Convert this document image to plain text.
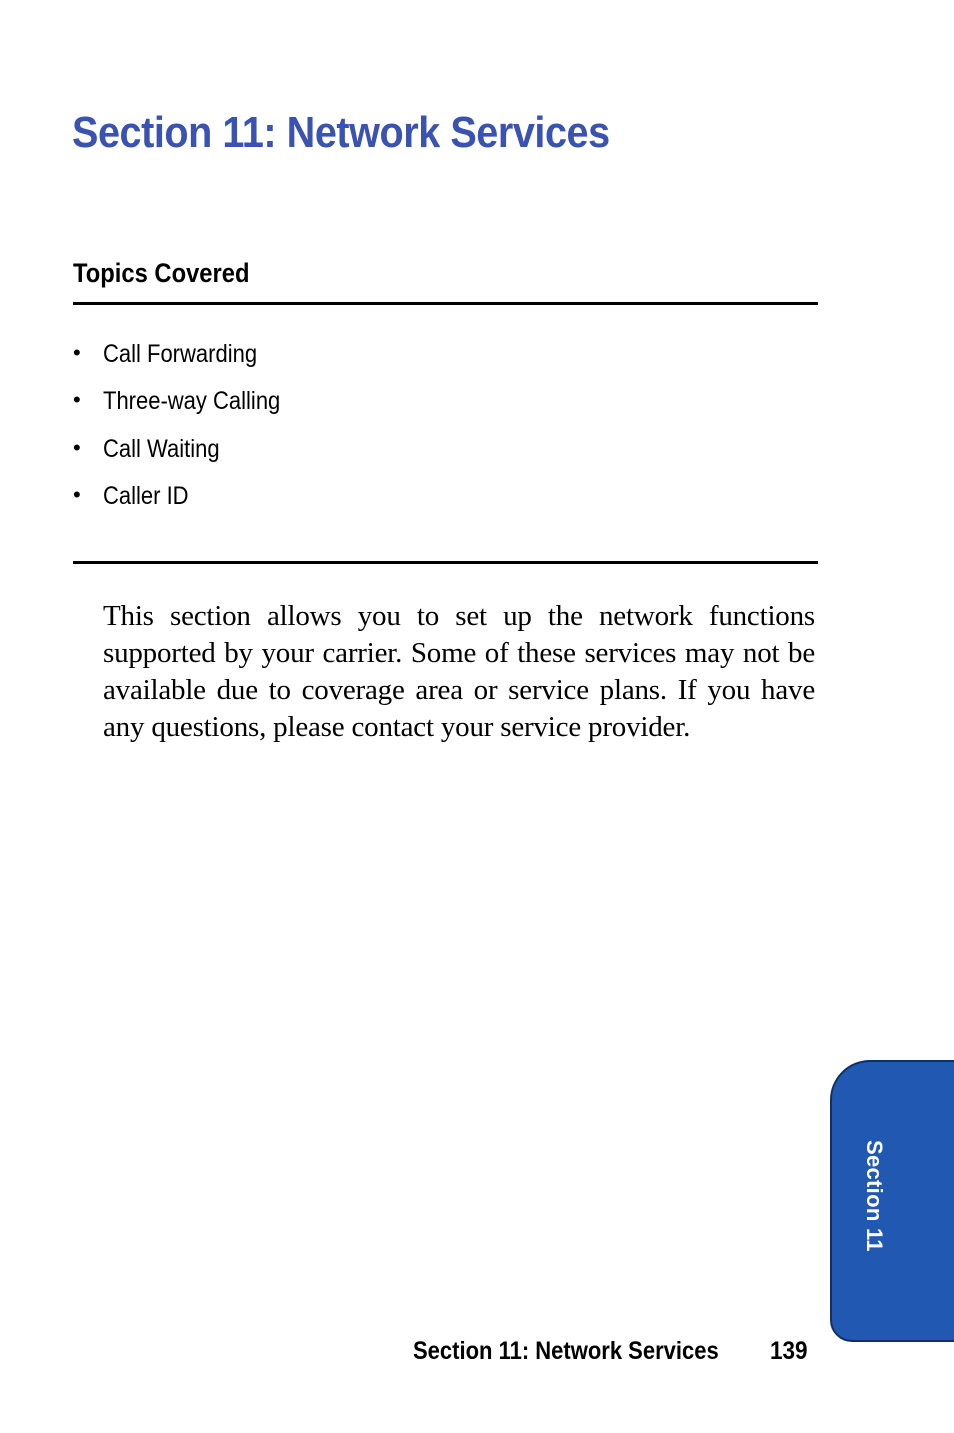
Section 11: Network Services
Topics Covered
• Call Forwarding
• Three-way Calling
• Call Waiting
• Caller ID

This section allows you to set up the network functions supported by your carrier. Some of these services may not be available due to coverage area or service plans. If you have any questions, please contact your service provider.

Section 11
Section 11: Network Services 139
